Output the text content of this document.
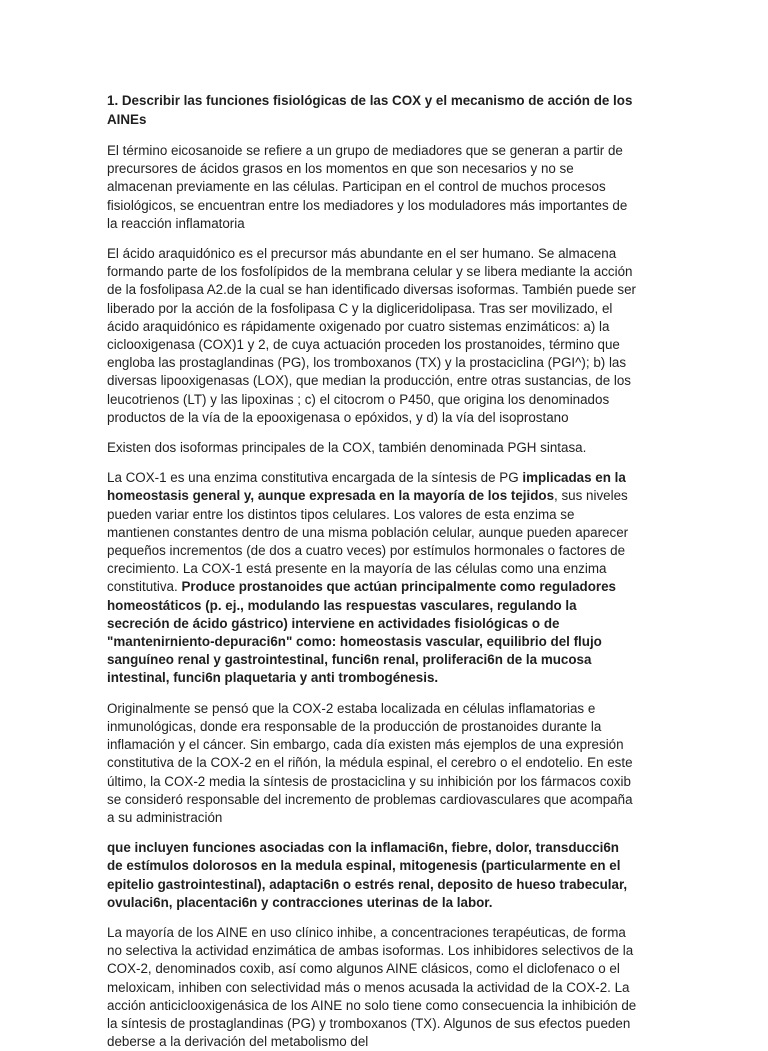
1. Describir las funciones fisiológicas de las COX y el mecanismo de acción de los AINEs

El término eicosanoide se refiere a un grupo de mediadores que se generan a partir de precursores de ácidos grasos en los momentos en que son necesarios y no se almacenan previamente en las células. Participan en el control de muchos procesos fisiológicos, se encuentran entre los mediadores y los moduladores más importantes de la reacción inflamatoria

El ácido araquidónico es el precursor más abundante en el ser humano. Se almacena formando parte de los fosfolípidos de la membrana celular y se libera mediante la acción de la fosfolipasa A2.de la cual se han identificado diversas isoformas. También puede ser liberado por la acción de la fosfolipasa C y la digliceridolipasa. Tras ser movilizado, el ácido araquidónico es rápidamente oxigenado por cuatro sistemas enzimáticos: a) la ciclooxigenasa (COX)1 y 2, de cuya actuación proceden los prostanoides, término que engloba las prostaglandinas (PG), los tromboxanos (TX) y la prostaciclina (PGI^); b) las diversas lipooxigenasas (LOX), que median la producción, entre otras sustancias, de los leucotrienos (LT) y las lipoxinas ; c) el citocrom o P450, que origina los denominados productos de la vía de la epooxigenasa o epóxidos, y d) la vía del isoprostano

Existen dos isoformas principales de la COX, también denominada PGH sintasa.

La COX-1 es una enzima constitutiva encargada de la síntesis de PG implicadas en la homeostasis general y, aunque expresada en la mayoría de los tejidos, sus niveles pueden variar entre los distintos tipos celulares. Los valores de esta enzima se mantienen constantes dentro de una misma población celular, aunque pueden aparecer pequeños incrementos (de dos a cuatro veces) por estímulos hormonales o factores de crecimiento. La COX-1 está presente en la mayoría de las células como una enzima constitutiva. Produce prostanoides que actúan principalmente como reguladores homeostáticos (p. ej., modulando las respuestas vasculares, regulando la secreción de ácido gástrico) interviene en actividades fisiológicas o de "mantenirniento-depuraci6n" como: homeostasis vascular, equilibrio del flujo sanguíneo renal y gastrointestinal, funci6n renal, proliferaci6n de la mucosa intestinal, funci6n plaquetaria y anti trombogénesis.

Originalmente se pensó que la COX-2 estaba localizada en células inflamatorias e inmunológicas, donde era responsable de la producción de prostanoides durante la inflamación y el cáncer. Sin embargo, cada día existen más ejemplos de una expresión constitutiva de la COX-2 en el riñón, la médula espinal, el cerebro o el endotelio. En este último, la COX-2 media la síntesis de prostaciclina y su inhibición por los fármacos coxib se consideró responsable del incremento de problemas cardiovasculares que acompaña a su administración

que incluyen funciones asociadas con la inflamaci6n, fiebre, dolor, transducci6n de estímulos dolorosos en la medula espinal, mitogenesis (particularmente en el epitelio gastrointestinal), adaptaci6n o estrés renal, deposito de hueso trabecular, ovulaci6n, placentaci6n y contracciones uterinas de la labor.

La mayoría de los AINE en uso clínico inhibe, a concentraciones terapéuticas, de forma no selectiva la actividad enzimática de ambas isoformas. Los inhibidores selectivos de la COX-2, denominados coxib, así como algunos AINE clásicos, como el diclofenaco o el meloxicam, inhiben con selectividad más o menos acusada la actividad de la COX-2. La acción anticiclooxigenásica de los AINE no solo tiene como consecuencia la inhibición de la síntesis de prostaglandinas (PG) y tromboxanos (TX). Algunos de sus efectos pueden deberse a la derivación del metabolismo del
